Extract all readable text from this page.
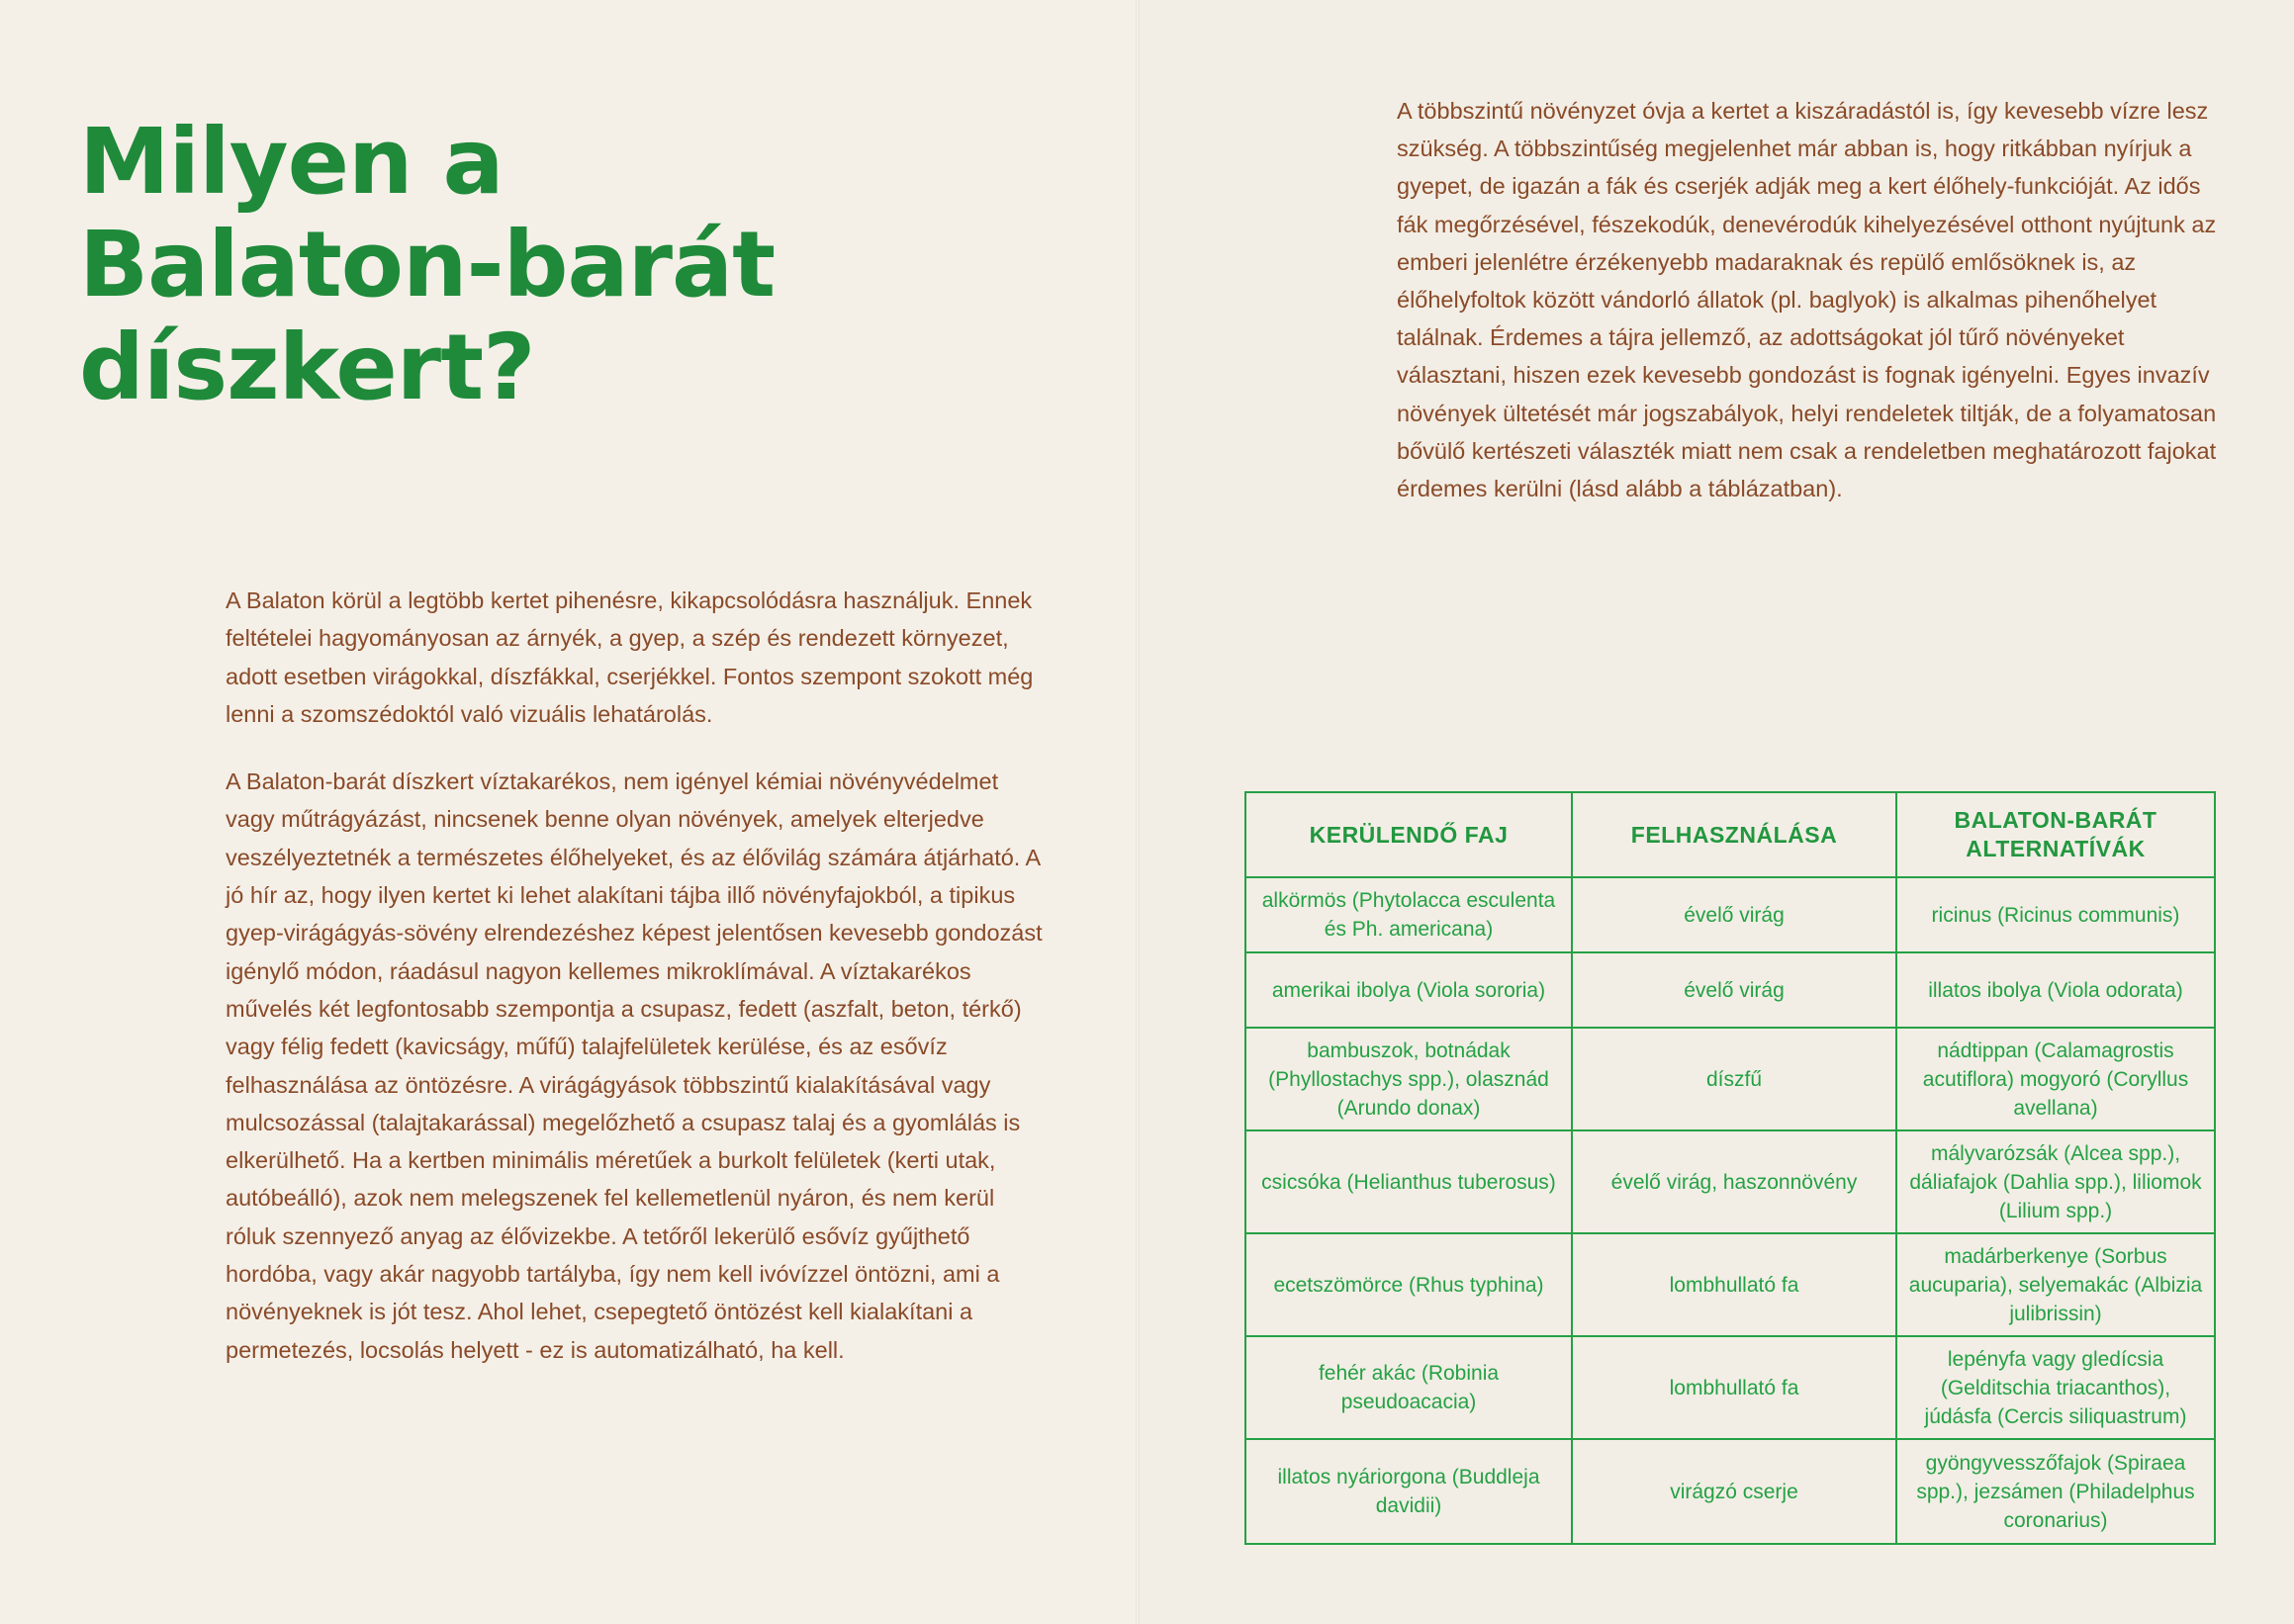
Milyen a
Balaton-barát
díszkert?

A Balaton körül a legtöbb kertet pihenésre, kikapcsolódásra használjuk. Ennek feltételei hagyományosan az árnyék, a gyep, a szép és rendezett környezet, adott esetben virágokkal, díszfákkal, cserjékkel. Fontos szempont szokott még lenni a szomszédoktól való vizuális lehatárolás.

A Balaton-barát díszkert víztakarékos, nem igényel kémiai növényvédelmet vagy műtrágyázást, nincsenek benne olyan növények, amelyek elterjedve veszélyeztetnék a természetes élőhelyeket, és az élővilág számára átjárható. A jó hír az, hogy ilyen kertet ki lehet alakítani tájba illő növényfajokból, a tipikus gyep-virágágyás-sövény elrendezéshez képest jelentősen kevesebb gondozást igénylő módon, ráadásul nagyon kellemes mikroklímával. A víztakarékos művelés két legfontosabb szempontja a csupasz, fedett (aszfalt, beton, térkő) vagy félig fedett (kavicságy, műfű) talajfelületek kerülése, és az esővíz felhasználása az öntözésre. A virágágyások többszintű kialakításával vagy mulcsozással (talajtakarással) megelőzhető a csupasz talaj és a gyomlálás is elkerülhető. Ha a kertben minimális méretűek a burkolt felületek (kerti utak, autóbeálló), azok nem melegszenek fel kellemetlenül nyáron, és nem kerül róluk szennyező anyag az élővizekbe. A tetőről lekerülő esővíz gyűjthető hordóba, vagy akár nagyobb tartályba, így nem kell ivóvízzel öntözni, ami a növényeknek is jót tesz. Ahol lehet, csepegtető öntözést kell kialakítani a permetezés, locsolás helyett - ez is automatizálható, ha kell.

A többszintű növényzet óvja a kertet a kiszáradástól is, így kevesebb vízre lesz szükség. A többszintűség megjelenhet már abban is, hogy ritkábban nyírjuk a gyepet, de igazán a fák és cserjék adják meg a kert élőhely-funkcióját. Az idős fák megőrzésével, fészekodúk, denevérodúk kihelyezésével otthont nyújtunk az emberi jelenlétre érzékenyebb madaraknak és repülő emlősöknek is, az élőhelyfoltok között vándorló állatok (pl. baglyok) is alkalmas pihenőhelyet találnak. Érdemes a tájra jellemző, az adottságokat jól tűrő növényeket választani, hiszen ezek kevesebb gondozást is fognak igényelni. Egyes invazív növények ültetését már jogszabályok, helyi rendeletek tiltják, de a folyamatosan bővülő kertészeti választék miatt nem csak a rendeletben meghatározott fajokat érdemes kerülni (lásd alább a táblázatban).

KERÜLENDŐ FAJ	FELHASZNÁLÁSA	BALATON-BARÁT ALTERNATÍVÁK
alkörmös (Phytolacca esculenta és Ph. americana)	évelő virág	ricinus (Ricinus communis)
amerikai ibolya (Viola sororia)	évelő virág	illatos ibolya (Viola odorata)
bambuszok, botnádak (Phyllostachys spp.), olasznád (Arundo donax)	díszfű	nádtippan (Calamagrostis acutiflora) mogyoró (Coryllus avellana)
csicsóka (Helianthus tuberosus)	évelő virág, haszonnövény	mályvarózsák (Alcea spp.), dáliafajok (Dahlia spp.), liliomok (Lilium spp.)
ecetszömörce (Rhus typhina)	lombhullató fa	madárberkenye (Sorbus aucuparia), selyemakác (Albizia julibrissin)
fehér akác (Robinia pseudoacacia)	lombhullató fa	lepényfa vagy gledícsia (Gelditschia triacanthos), júdásfa (Cercis siliquastrum)
illatos nyáriorgona (Buddleja davidii)	virágzó cserje	gyöngyvesszőfajok (Spiraea spp.), jezsámen (Philadelphus coronarius)
